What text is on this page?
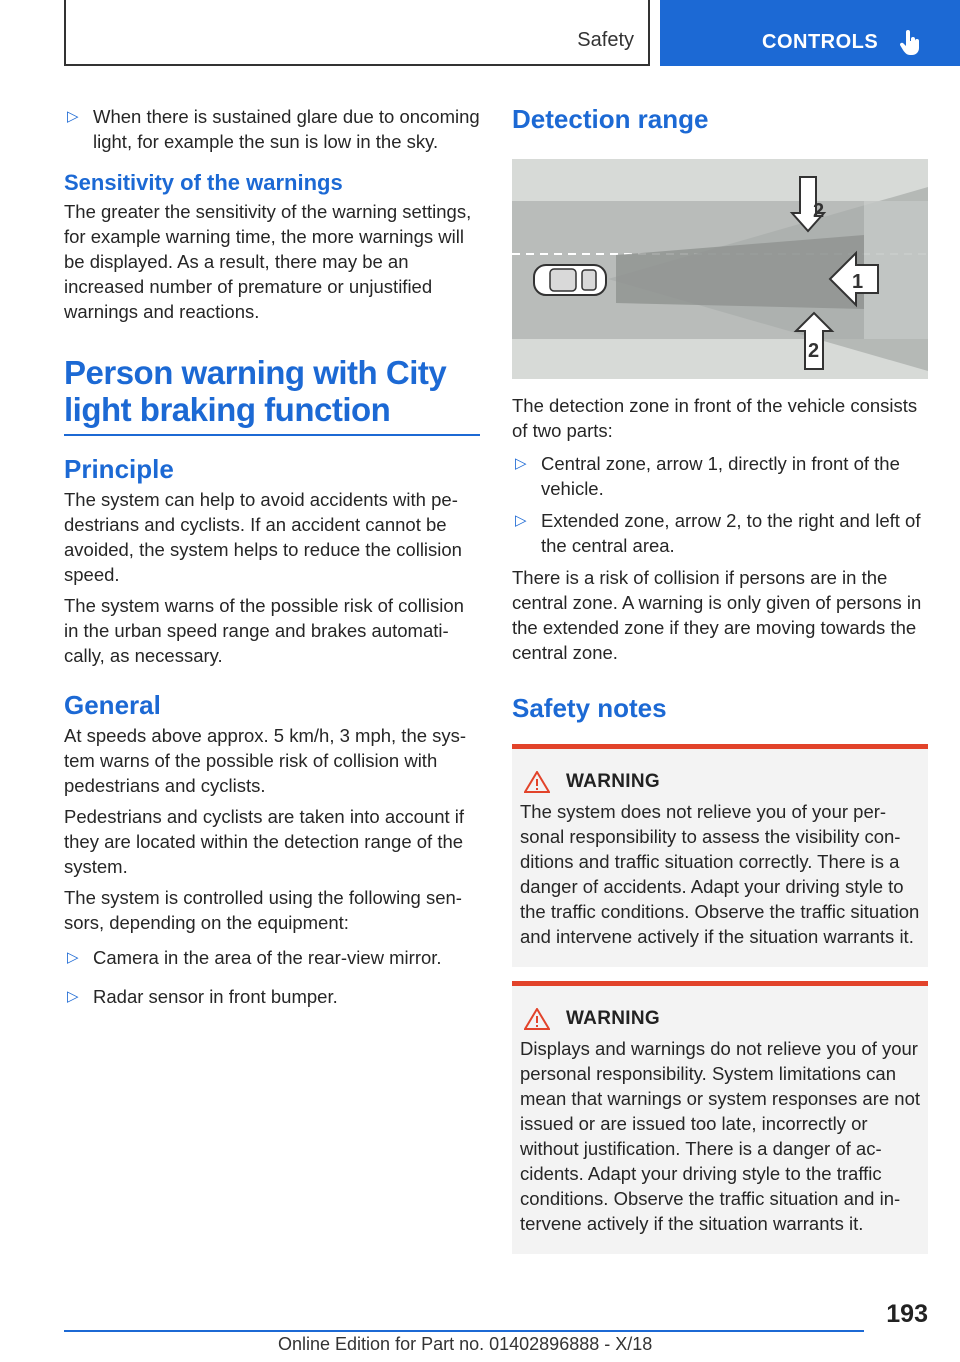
Safety	CONTROLS
▷ When there is sustained glare due to oncoming light, for example the sun is low in the sky.
Sensitivity of the warnings

The greater the sensitivity of the warning settings, for example warning time, the more warnings will be displayed. As a result, there may be an increased number of premature or unjustified warnings and reactions.

Person warning with City light braking function
Principle

The system can help to avoid accidents with pedestrians and cyclists. If an accident cannot be avoided, the system helps to reduce the collision speed.

The system warns of the possible risk of collision in the urban speed range and brakes automatically, as necessary.

General

At speeds above approx. 5 km/h, 3 mph, the system warns of the possible risk of collision with pedestrians and cyclists.

Pedestrians and cyclists are taken into account if they are located within the detection range of the system.

The system is controlled using the following sensors, depending on the equipment:

▷ Camera in the area of the rear-view mirror.
▷ Radar sensor in front bumper.
Detection range
2
1
2

The detection zone in front of the vehicle consists of two parts:

▷ Central zone, arrow 1, directly in front of the vehicle.
▷ Extended zone, arrow 2, to the right and left of the central area.

There is a risk of collision if persons are in the central zone. A warning is only given of persons in the extended zone if they are moving towards the central zone.

Safety notes
WARNING

The system does not relieve you of your personal responsibility to assess the visibility conditions and traffic situation correctly. There is a danger of accidents. Adapt your driving style to the traffic conditions. Observe the traffic situation and intervene actively if the situation warrants it.

WARNING

Displays and warnings do not relieve you of your personal responsibility. System limitations can mean that warnings or system responses are not issued or are issued too late, incorrectly or without justification. There is a danger of accidents. Adapt your driving style to the traffic conditions. Observe the traffic situation and intervene actively if the situation warrants it.

193
Online Edition for Part no. 01402896888 - X/18
